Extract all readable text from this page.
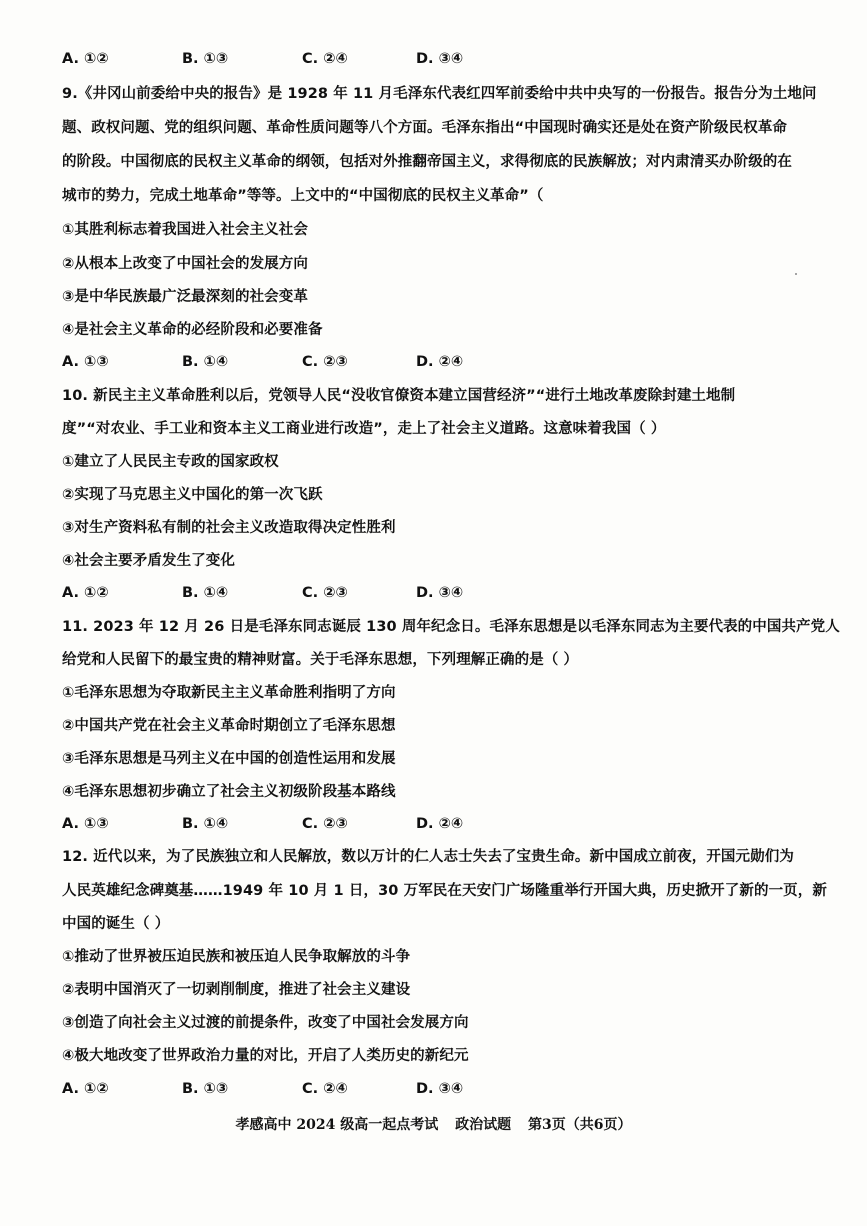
A. ①②	B. ①③	C. ②④	D. ③④
9.《井冈山前委给中央的报告》是 1928 年 11 月毛泽东代表红四军前委给中共中央写的一份报告。报告分为土地问
题、政权问题、党的组织问题、革命性质问题等八个方面。毛泽东指出“中国现时确实还是处在资产阶级民权革命
的阶段。中国彻底的民权主义革命的纲领，包括对外推翻帝国主义，求得彻底的民族解放；对内肃清买办阶级的在
城市的势力，完成土地革命”等等。上文中的“中国彻底的民权主义革命”（
①其胜利标志着我国进入社会主义社会
②从根本上改变了中国社会的发展方向
③是中华民族最广泛最深刻的社会变革
④是社会主义革命的必经阶段和必要准备
A. ①③	B. ①④	C. ②③	D. ②④
10. 新民主主义革命胜利以后，党领导人民“没收官僚资本建立国营经济”“进行土地改革废除封建土地制
度”“对农业、手工业和资本主义工商业进行改造”，走上了社会主义道路。这意味着我国（ ）
①建立了人民民主专政的国家政权
②实现了马克思主义中国化的第一次飞跃
③对生产资料私有制的社会主义改造取得决定性胜利
④社会主要矛盾发生了变化
A. ①②	B. ①④	C. ②③	D. ③④
11. 2023 年 12 月 26 日是毛泽东同志诞辰 130 周年纪念日。毛泽东思想是以毛泽东同志为主要代表的中国共产党人
给党和人民留下的最宝贵的精神财富。关于毛泽东思想，下列理解正确的是（ ）
①毛泽东思想为夺取新民主主义革命胜利指明了方向
②中国共产党在社会主义革命时期创立了毛泽东思想
③毛泽东思想是马列主义在中国的创造性运用和发展
④毛泽东思想初步确立了社会主义初级阶段基本路线
A. ①③	B. ①④	C. ②③	D. ②④
12. 近代以来，为了民族独立和人民解放，数以万计的仁人志士失去了宝贵生命。新中国成立前夜，开国元勋们为
人民英雄纪念碑奠基……1949 年 10 月 1 日，30 万军民在天安门广场隆重举行开国大典，历史掀开了新的一页，新
中国的诞生（ ）
①推动了世界被压迫民族和被压迫人民争取解放的斗争
②表明中国消灭了一切剥削制度，推进了社会主义建设
③创造了向社会主义过渡的前提条件，改变了中国社会发展方向
④极大地改变了世界政治力量的对比，开启了人类历史的新纪元
A. ①②	B. ①③	C. ②④	D. ③④
孝感高中 2024 级高一起点考试 政治试题 第3页（共6页）
